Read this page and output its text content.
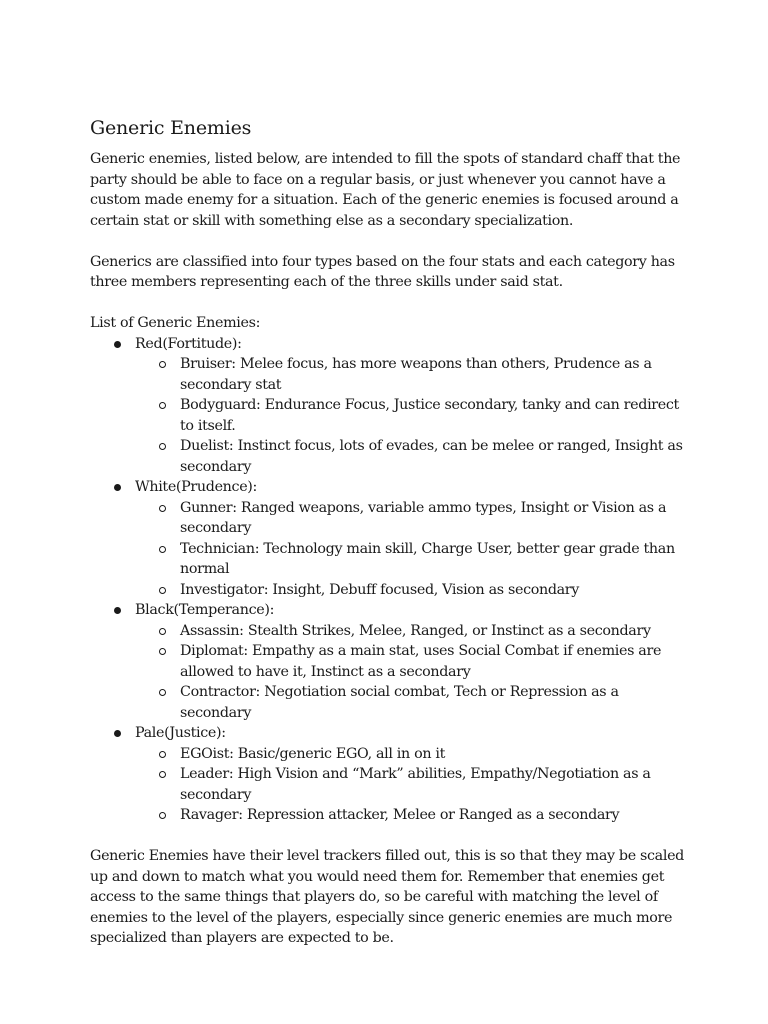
Generic Enemies

Generic enemies, listed below, are intended to fill the spots of standard chaff that the party should be able to face on a regular basis, or just whenever you cannot have a custom made enemy for a situation. Each of the generic enemies is focused around a certain stat or skill with something else as a secondary specialization.

Generics are classified into four types based on the four stats and each category has three members representing each of the three skills under said stat.

List of Generic Enemies:

Red(Fortitude):
Bruiser: Melee focus, has more weapons than others, Prudence as a secondary stat
Bodyguard: Endurance Focus, Justice secondary, tanky and can redirect to itself.
Duelist: Instinct focus, lots of evades, can be melee or ranged, Insight as secondary
White(Prudence):
Gunner: Ranged weapons, variable ammo types, Insight or Vision as a secondary
Technician: Technology main skill, Charge User, better gear grade than normal
Investigator: Insight, Debuff focused, Vision as secondary
Black(Temperance):
Assassin: Stealth Strikes, Melee, Ranged, or Instinct as a secondary
Diplomat: Empathy as a main stat, uses Social Combat if enemies are allowed to have it, Instinct as a secondary
Contractor: Negotiation social combat, Tech or Repression as a secondary
Pale(Justice):
EGOist: Basic/generic EGO, all in on it
Leader: High Vision and “Mark” abilities, Empathy/Negotiation as a secondary
Ravager: Repression attacker, Melee or Ranged as a secondary

Generic Enemies have their level trackers filled out, this is so that they may be scaled up and down to match what you would need them for. Remember that enemies get access to the same things that players do, so be careful with matching the level of enemies to the level of the players, especially since generic enemies are much more specialized than players are expected to be.
